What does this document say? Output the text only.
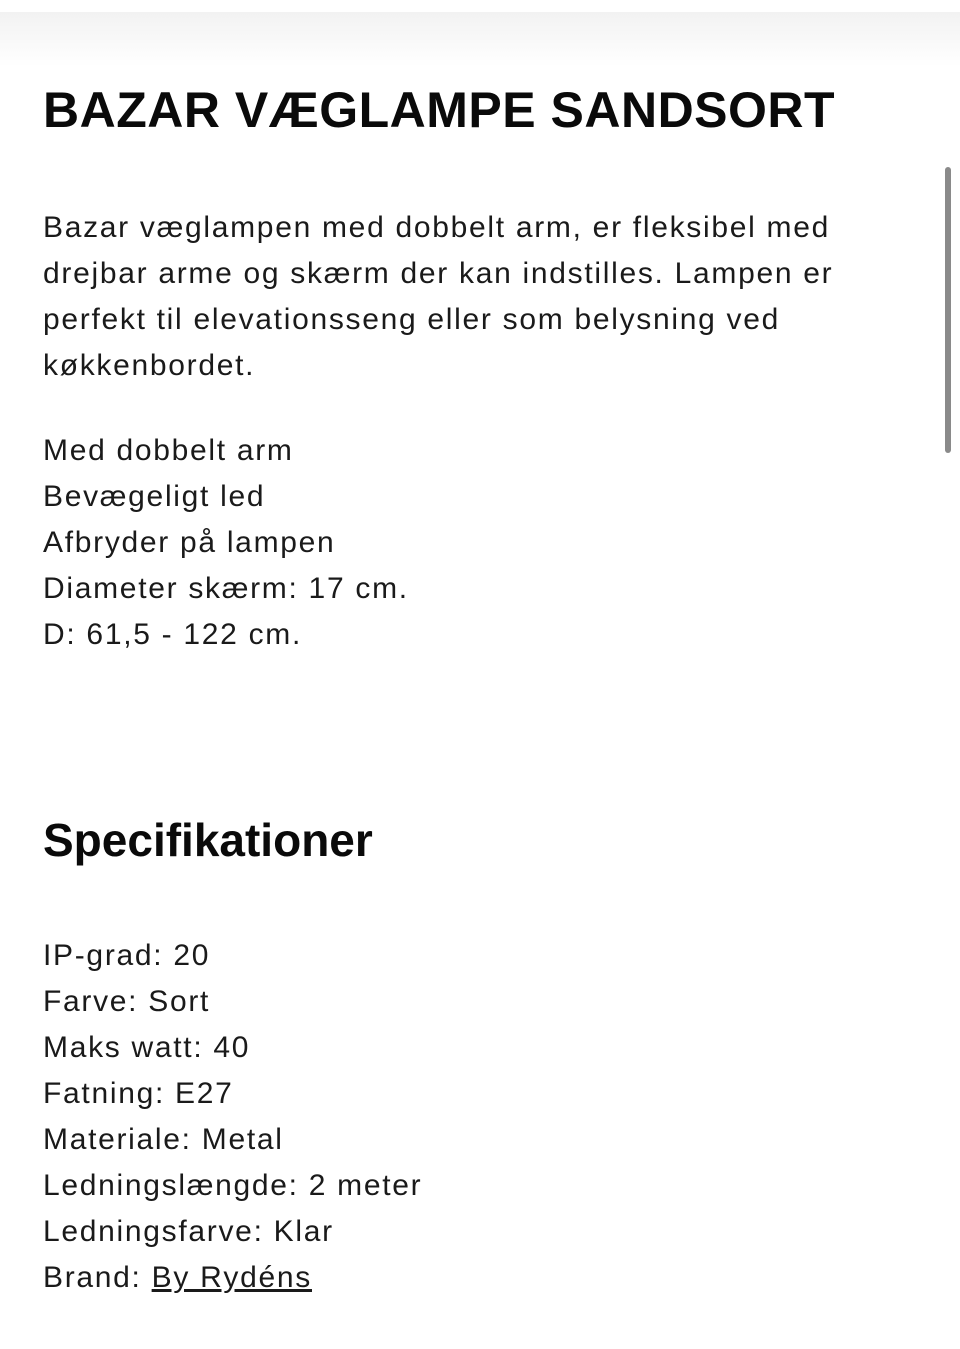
BAZAR VÆGLAMPE SANDSORT
Bazar væglampen med dobbelt arm, er fleksibel med
drejbar arme og skærm der kan indstilles. Lampen er
perfekt til elevationsseng eller som belysning ved
køkkenbordet.
Med dobbelt arm
Bevægeligt led
Afbryder på lampen
Diameter skærm: 17 cm.
D: 61,5 - 122 cm.
Specifikationer
IP-grad: 20
Farve: Sort
Maks watt: 40
Fatning: E27
Materiale: Metal
Ledningslængde: 2 meter
Ledningsfarve: Klar
Brand: By Rydéns
